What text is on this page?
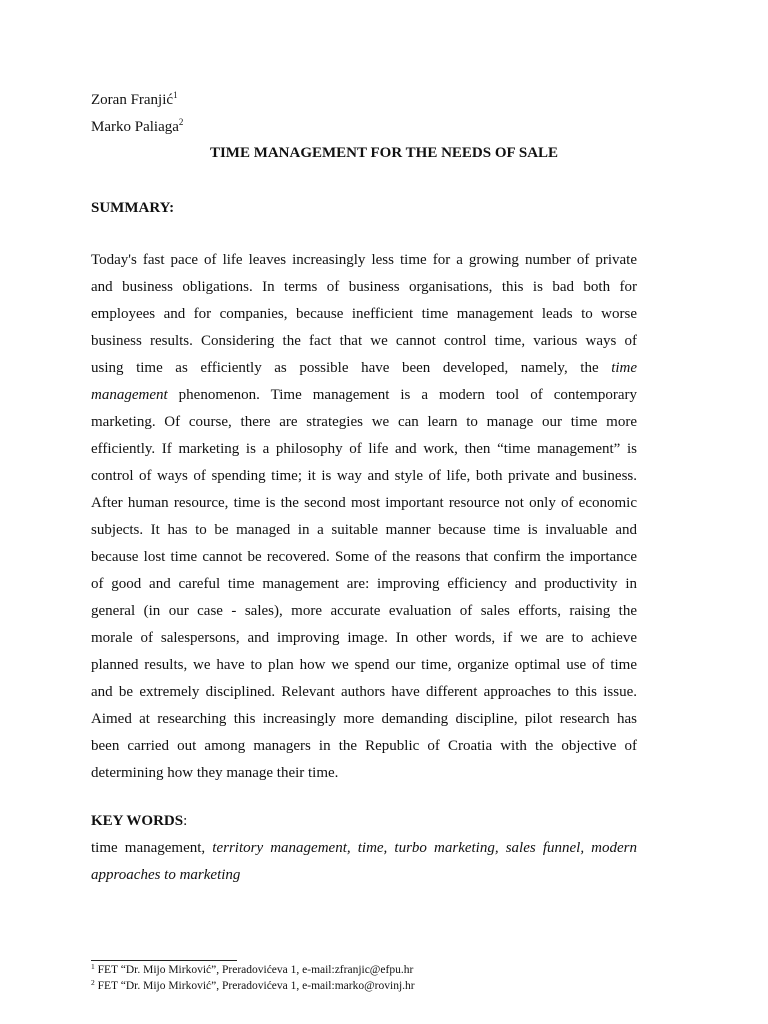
Zoran Franjić$^1$
Marko Paliaga$^2$
TIME MANAGEMENT FOR THE NEEDS OF SALE
SUMMARY:
Today's fast pace of life leaves increasingly less time for a growing number of private
and business obligations. In terms of business organisations, this is bad both for
employees and for companies, because inefficient time management leads to worse
business results. Considering the fact that we cannot control time, various ways of
using time as efficiently as possible have been developed, namely, the time
management phenomenon. Time management is a modern tool of contemporary
marketing. Of course, there are strategies we can learn to manage our time more
efficiently. If marketing is a philosophy of life and work, then “time management” is
control of ways of spending time; it is way and style of life, both private and business.
After human resource, time is the second most important resource not only of economic
subjects. It has to be managed in a suitable manner because time is invaluable and
because lost time cannot be recovered. Some of the reasons that confirm the importance
of good and careful time management are: improving efficiency and productivity in
general (in our case - sales), more accurate evaluation of sales efforts, raising the
morale of salespersons, and improving image. In other words, if we are to achieve
planned results, we have to plan how we spend our time, organize optimal use of time
and be extremely disciplined. Relevant authors have different approaches to this issue.
Aimed at researching this increasingly more demanding discipline, pilot research has
been carried out among managers in the Republic of Croatia with the objective of
determining how they manage their time.
KEY WORDS:
time management, territory management, time, turbo marketing, sales funnel, modern
approaches to marketing
$^1$ FET “Dr. Mijo Mirković”, Preradovićeva 1, e-mail:zfranjic@efpu.hr
$^2$ FET “Dr. Mijo Mirković”, Preradovićeva 1, e-mail:marko@rovinj.hr
